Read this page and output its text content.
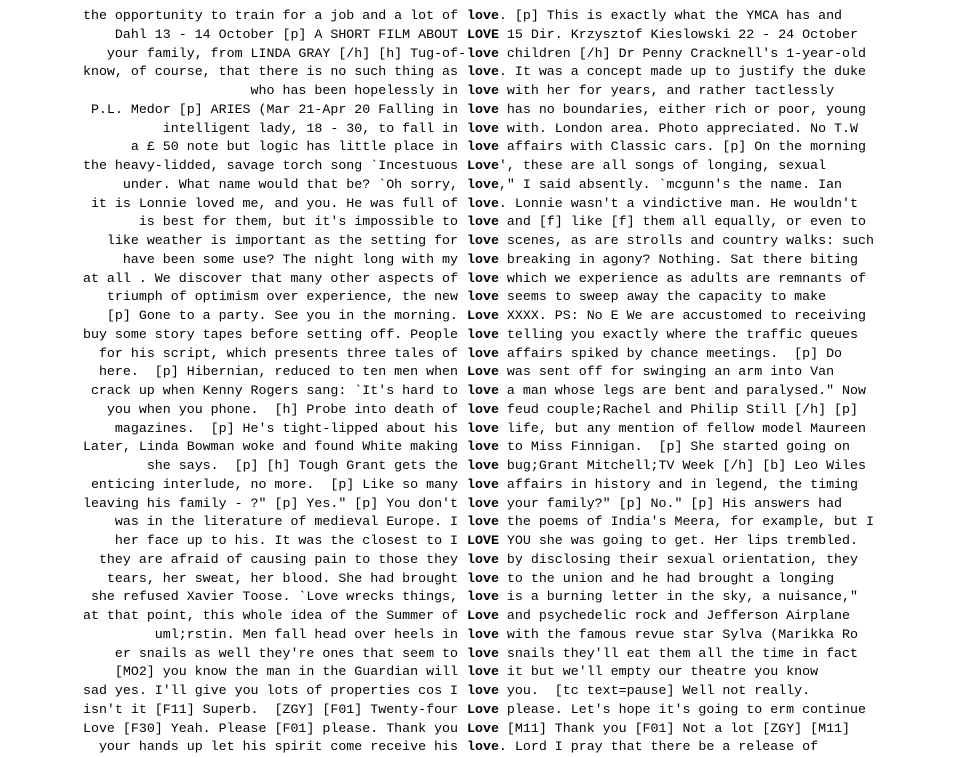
the opportunity to train for a job and a lot of love . [p] This is exactly what the YMCA has and
Dahl 13 - 14 October [p] A SHORT FILM ABOUT LOVE 15 Dir. Krzysztof Kieslowski 22 - 24 October
your family, from LINDA GRAY [/h] [h] Tug-of- love children [/h] Dr Penny Cracknell's 1-year-old
know, of course, that there is no such thing as love . It was a concept made up to justify the duke
who has been hopelessly in love with her for years, and rather tactlessly
P.L. Medor [p] ARIES (Mar 21-Apr 20 Falling in love has no boundaries, either rich or poor, young
intelligent lady, 18 - 30, to fall in love with. London area. Photo appreciated. No T.W
a £ 50 note but logic has little place in love affairs with Classic cars. [p] On the morning
the heavy-lidded, savage torch song `Incestuous Love ', these are all songs of longing, sexual
under. What name would that be? `Oh sorry, love ," I said absently. `mcgunn's the name. Ian
it is Lonnie loved me, and you. He was full of love . Lonnie wasn't a vindictive man. He wouldn't
is best for them, but it's impossible to love and [f] like [f] them all equally, or even to
like weather is important as the setting for love scenes, as are strolls and country walks: such
have been some use? The night long with my love breaking in agony? Nothing. Sat there biting
at all . We discover that many other aspects of love which we experience as adults are remnants of
triumph of optimism over experience, the new love seems to sweep away the capacity to make
[p] Gone to a party. See you in the morning. Love XXXX. PS: No E We are accustomed to receiving
buy some story tapes before setting off. People love telling you exactly where the traffic queues
for his script, which presents three tales of love affairs spiked by chance meetings.  [p] Do
here.  [p] Hibernian, reduced to ten men when Love was sent off for swinging an arm into Van
crack up when Kenny Rogers sang: `It's hard to love a man whose legs are bent and paralysed." Now
you when you phone.  [h] Probe into death of love feud couple;Rachel and Philip Still [/h] [p]
magazines.  [p] He's tight-lipped about his love life, but any mention of fellow model Maureen
Later, Linda Bowman woke and found White making love to Miss Finnigan.  [p] She started going on
she says.  [p] [h] Tough Grant gets the love bug;Grant Mitchell;TV Week [/h] [b] Leo Wiles
enticing interlude, no more.  [p] Like so many love affairs in history and in legend, the timing
leaving his family - ?" [p] Yes." [p] You don't love your family?" [p] No." [p] His answers had
was in the literature of medieval Europe. I love the poems of India's Meera, for example, but I
her face up to his. It was the closest to I LOVE YOU she was going to get. Her lips trembled.
they are afraid of causing pain to those they love by disclosing their sexual orientation, they
tears, her sweat, her blood. She had brought love to the union and he had brought a longing
she refused Xavier Toose. `Love wrecks things, love is a burning letter in the sky, a nuisance,"
at that point, this whole idea of the Summer of Love and psychedelic rock and Jefferson Airplane
uml;rstin. Men fall head over heels in love with the famous revue star Sylva (Marikka Ro
er snails as well they're ones that seem to love snails they'll eat them all the time in fact
[MO2] you know the man in the Guardian will love it but we'll empty our theatre you know
sad yes. I'll give you lots of properties cos I love you.  [tc text=pause] Well not really.
isn't it [F11] Superb.  [ZGY] [F01] Twenty-four Love please. Let's hope it's going to erm continue
Love [F30] Yeah. Please [F01] please. Thank you Love [M11] Thank you [F01] Not a lot [ZGY] [M11]
your hands up let his spirit come receive his love . Lord I pray that there be a release of
